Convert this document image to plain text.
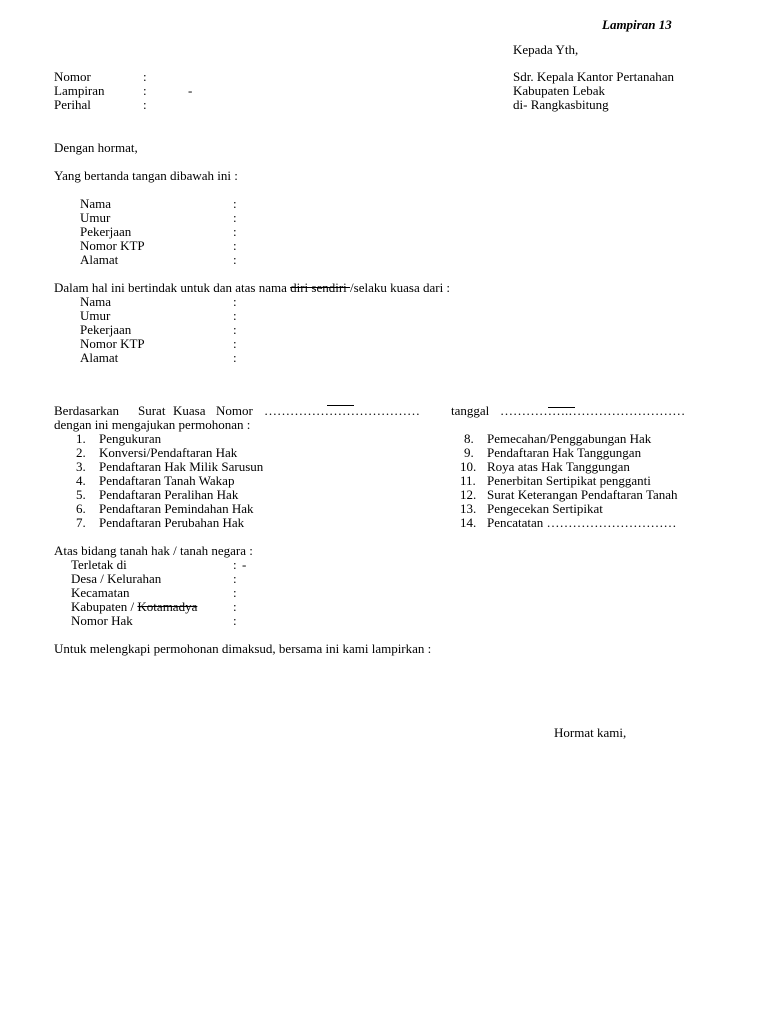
Lampiran 13
Kepada Yth,
Sdr. Kepala Kantor Pertanahan
Kabupaten Lebak
di- Rangkasbitung
Nomor	:
Lampiran	:	-
Perihal	:
Dengan hormat,
Yang bertanda tangan dibawah ini :
Nama	:
Umur	:
Pekerjaan	:
Nomor KTP	:
Alamat	:
Dalam hal ini bertindak untuk dan atas nama diri sendiri /selaku kuasa dari :
Nama	:
Umur	:
Pekerjaan	:
Nomor KTP	:
Alamat	:
Berdasarkan Surat Kuasa Nomor ……………………………… tanggal …………….………………………
dengan ini mengajukan permohonan :
1. Pengukuran
2. Konversi/Pendaftaran Hak
3. Pendaftaran Hak Milik Sarusun
4. Pendaftaran Tanah Wakap
5. Pendaftaran Peralihan Hak
6. Pendaftaran Pemindahan Hak
7. Pendaftaran Perubahan Hak
8. Pemecahan/Penggabungan Hak
9. Pendaftaran Hak Tanggungan
10. Roya atas Hak Tanggungan
11. Penerbitan Sertipikat pengganti
12. Surat Keterangan Pendaftaran Tanah
13. Pengecekan Sertipikat
14. Pencatatan …………………………
Atas bidang tanah hak / tanah negara :
Terletak di	: -
Desa / Kelurahan	:
Kecamatan	:
Kabupaten / Kotamadya	:
Nomor Hak	:
Untuk melengkapi permohonan dimaksud, bersama ini kami lampirkan :
Hormat kami,
